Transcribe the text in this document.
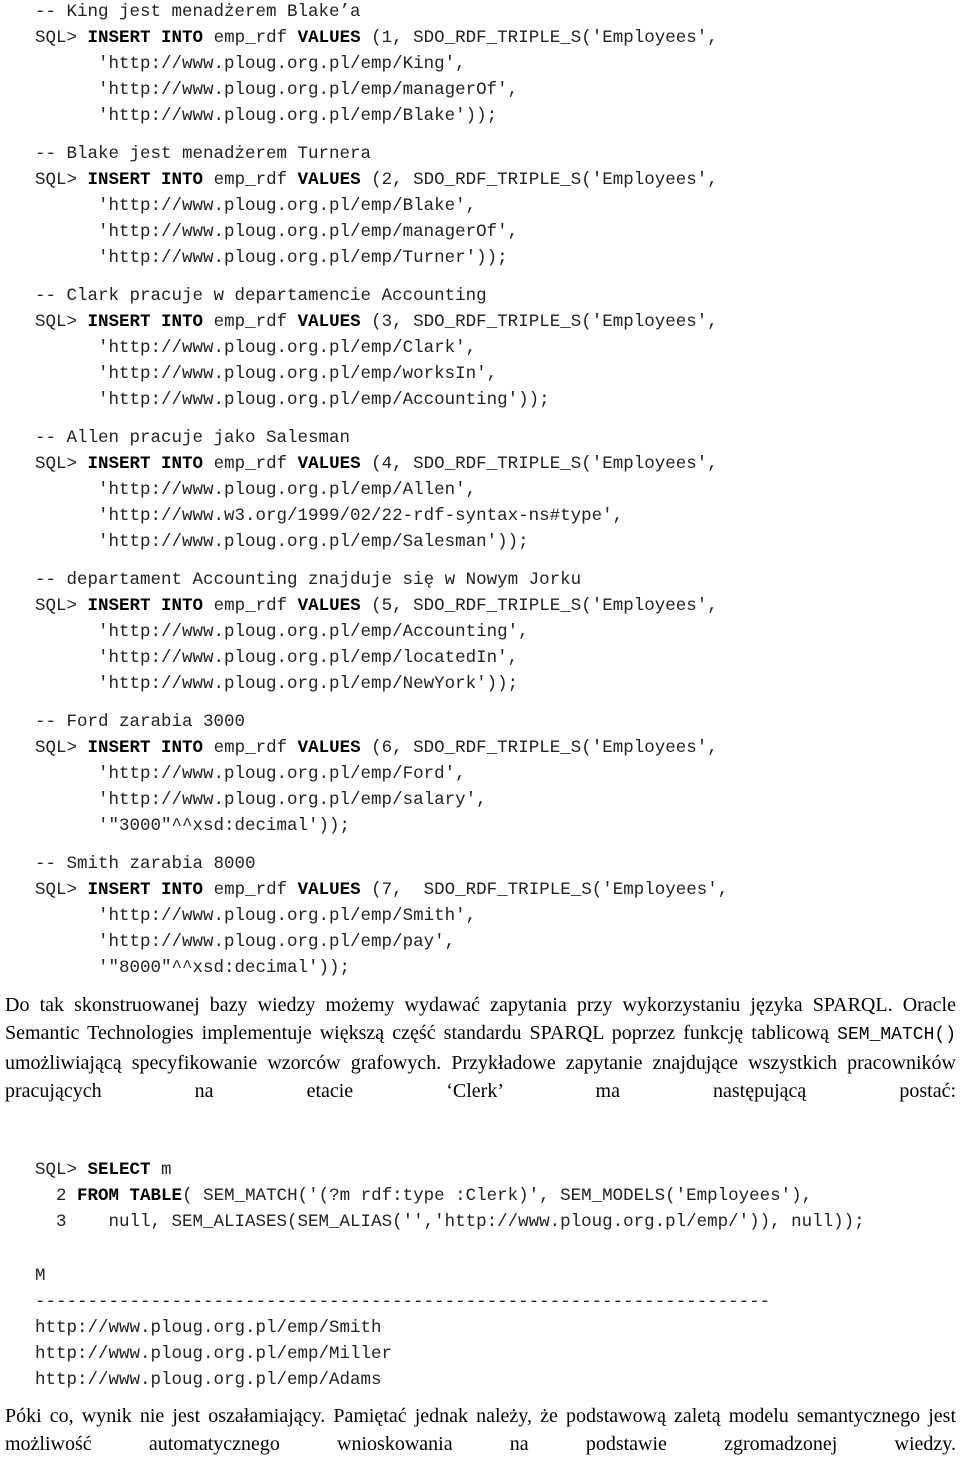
-- King jest menadżerem Blake’a
SQL> INSERT INTO emp_rdf VALUES (1, SDO_RDF_TRIPLE_S('Employees',
'http://www.ploug.org.pl/emp/King',
'http://www.ploug.org.pl/emp/managerOf',
'http://www.ploug.org.pl/emp/Blake'));
-- Blake jest menadżerem Turnera
SQL> INSERT INTO emp_rdf VALUES (2, SDO_RDF_TRIPLE_S('Employees',
'http://www.ploug.org.pl/emp/Blake',
'http://www.ploug.org.pl/emp/managerOf',
'http://www.ploug.org.pl/emp/Turner'));
-- Clark pracuje w departamencie Accounting
SQL> INSERT INTO emp_rdf VALUES (3, SDO_RDF_TRIPLE_S('Employees',
'http://www.ploug.org.pl/emp/Clark',
'http://www.ploug.org.pl/emp/worksIn',
'http://www.ploug.org.pl/emp/Accounting'));
-- Allen pracuje jako Salesman
SQL> INSERT INTO emp_rdf VALUES (4, SDO_RDF_TRIPLE_S('Employees',
'http://www.ploug.org.pl/emp/Allen',
'http://www.w3.org/1999/02/22-rdf-syntax-ns#type',
'http://www.ploug.org.pl/emp/Salesman'));
-- departament Accounting znajduje się w Nowym Jorku
SQL> INSERT INTO emp_rdf VALUES (5, SDO_RDF_TRIPLE_S('Employees',
'http://www.ploug.org.pl/emp/Accounting',
'http://www.ploug.org.pl/emp/locatedIn',
'http://www.ploug.org.pl/emp/NewYork'));
-- Ford zarabia 3000
SQL> INSERT INTO emp_rdf VALUES (6, SDO_RDF_TRIPLE_S('Employees',
'http://www.ploug.org.pl/emp/Ford',
'http://www.ploug.org.pl/emp/salary',
'"3000"^^xsd:decimal'));
-- Smith zarabia 8000
SQL> INSERT INTO emp_rdf VALUES (7,  SDO_RDF_TRIPLE_S('Employees',
'http://www.ploug.org.pl/emp/Smith',
'http://www.ploug.org.pl/emp/pay',
'"8000"^^xsd:decimal'));

Do tak skonstruowanej bazy wiedzy możemy wydawać zapytania przy wykorzystaniu języka SPARQL. Oracle Semantic Technologies implementuje większą część standardu SPARQL poprzez funkcję tablicową SEM_MATCH() umożliwiającą specyfikowanie wzorców grafowych. Przykładowe zapytanie znajdujące wszystkich pracowników pracujących na etacie ‘Clerk’ ma następującą postać:

SQL> SELECT m
2 FROM TABLE( SEM_MATCH('(?m rdf:type :Clerk)', SEM_MODELS('Employees'),
3    null, SEM_ALIASES(SEM_ALIAS('','http://www.ploug.org.pl/emp/')), null));
M
----------------------------------------------------------------------
http://www.ploug.org.pl/emp/Smith
http://www.ploug.org.pl/emp/Miller
http://www.ploug.org.pl/emp/Adams

Póki co, wynik nie jest oszałamiający. Pamiętać jednak należy, że podstawową zaletą modelu semantycznego jest możliwość automatycznego wnioskowania na podstawie zgromadzonej wiedzy.
